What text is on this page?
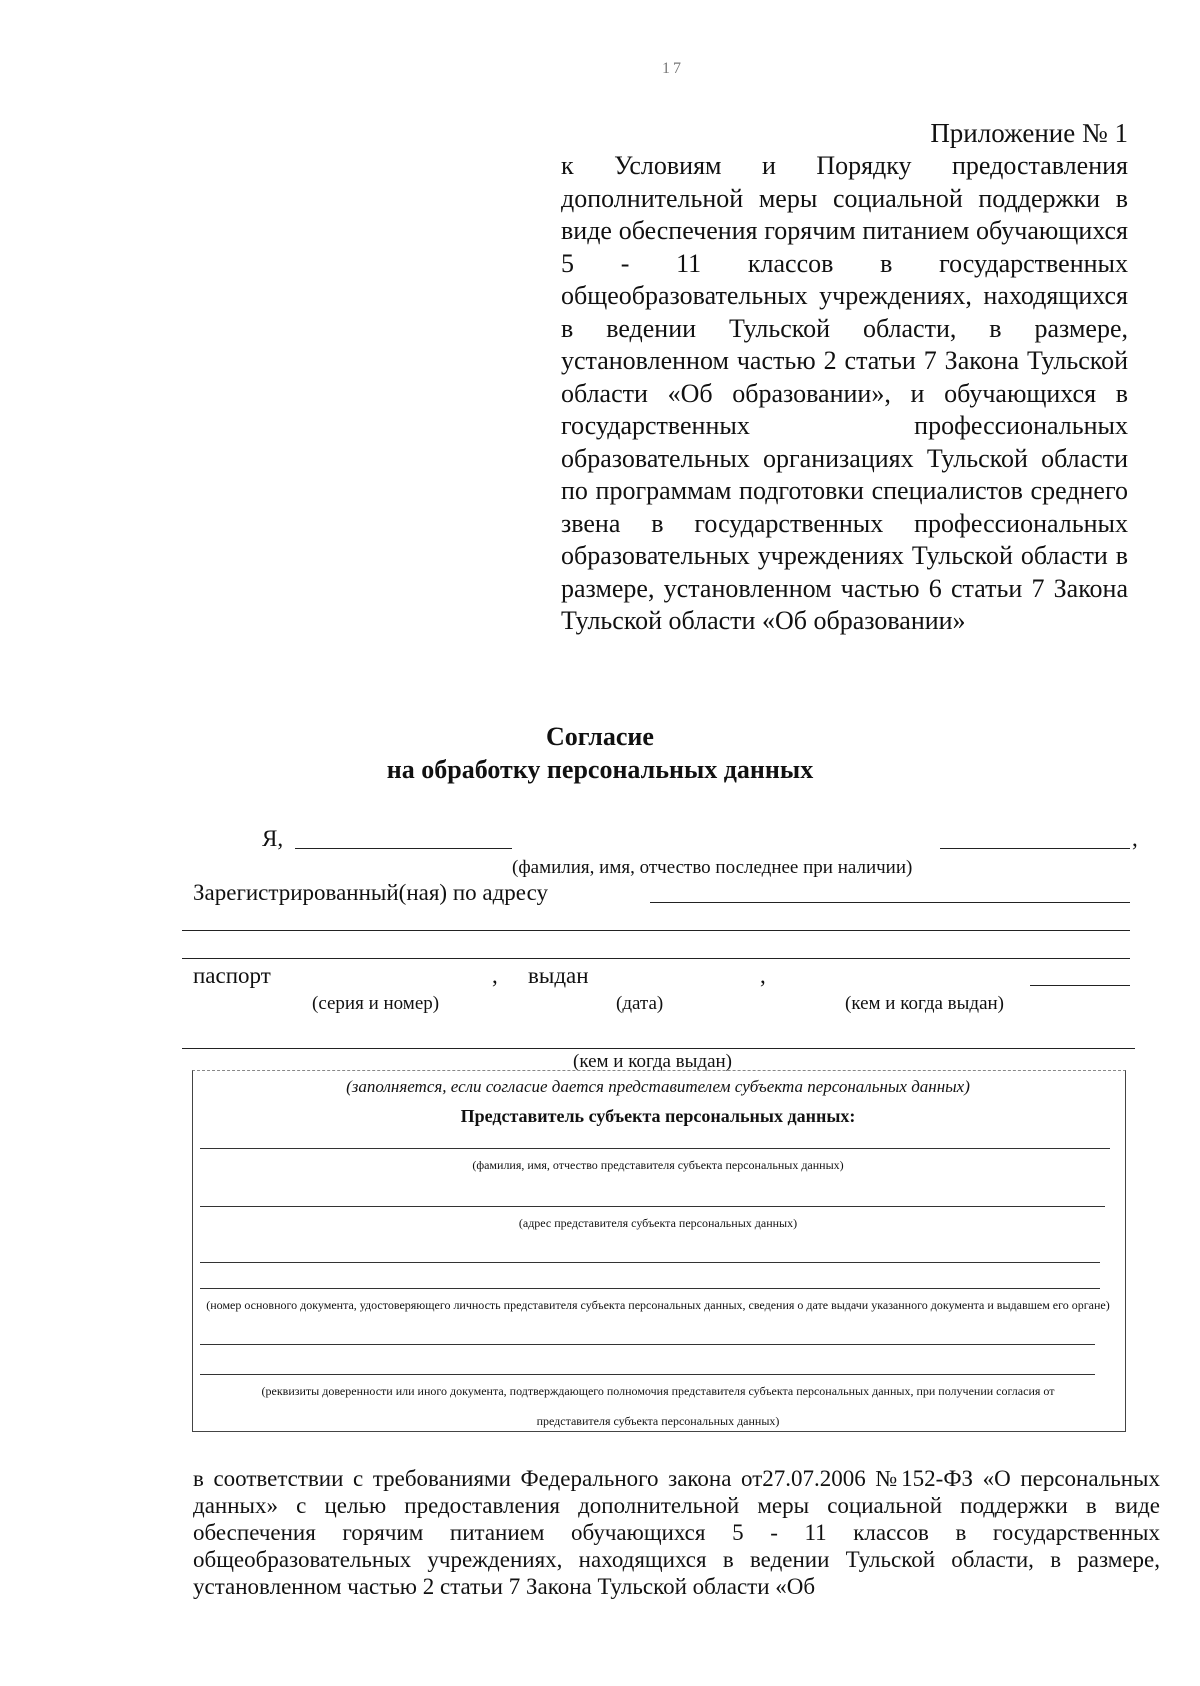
17
Приложение № 1
к Условиям и Порядку предоставления дополнительной меры социальной поддержки в виде обеспечения горячим питанием обучающихся 5 - 11 классов в государственных общеобразовательных учреждениях, находящихся в ведении Тульской области, в размере, установленном частью 2 статьи 7 Закона Тульской области «Об образовании», и обучающихся в государственных профессиональных образовательных организациях Тульской области по программам подготовки специалистов среднего звена в государственных профессиональных образовательных учреждениях Тульской области в размере, установленном частью 6 статьи 7 Закона Тульской области «Об образовании»
Согласие
на обработку персональных данных
Я,	,
(фамилия, имя, отчество последнее при наличии)
Зарегистрированный(ная) по адресу
паспорт	, выдан	,
(серия и номер)	(дата)	(кем и когда выдан)
(кем и когда выдан)
(заполняется, если согласие дается представителем субъекта персональных данных)
Представитель субъекта персональных данных:
(фамилия, имя, отчество представителя субъекта персональных данных)
(адрес представителя субъекта персональных данных)
(номер основного документа, удостоверяющего личность представителя субъекта персональных данных, сведения о дате выдачи указанного документа и выдавшем его органе)
(реквизиты доверенности или иного документа, подтверждающего полномочия представителя субъекта персональных данных, при получении согласия от
представителя субъекта персональных данных)
в соответствии с требованиями Федерального закона от27.07.2006 №152-ФЗ «О персональных данных» с целью предоставления дополнительной меры социальной поддержки в виде обеспечения горячим питанием обучающихся 5 - 11 классов в государственных общеобразовательных учреждениях, находящихся в ведении Тульской области, в размере, установленном частью 2 статьи 7 Закона Тульской области «Об
